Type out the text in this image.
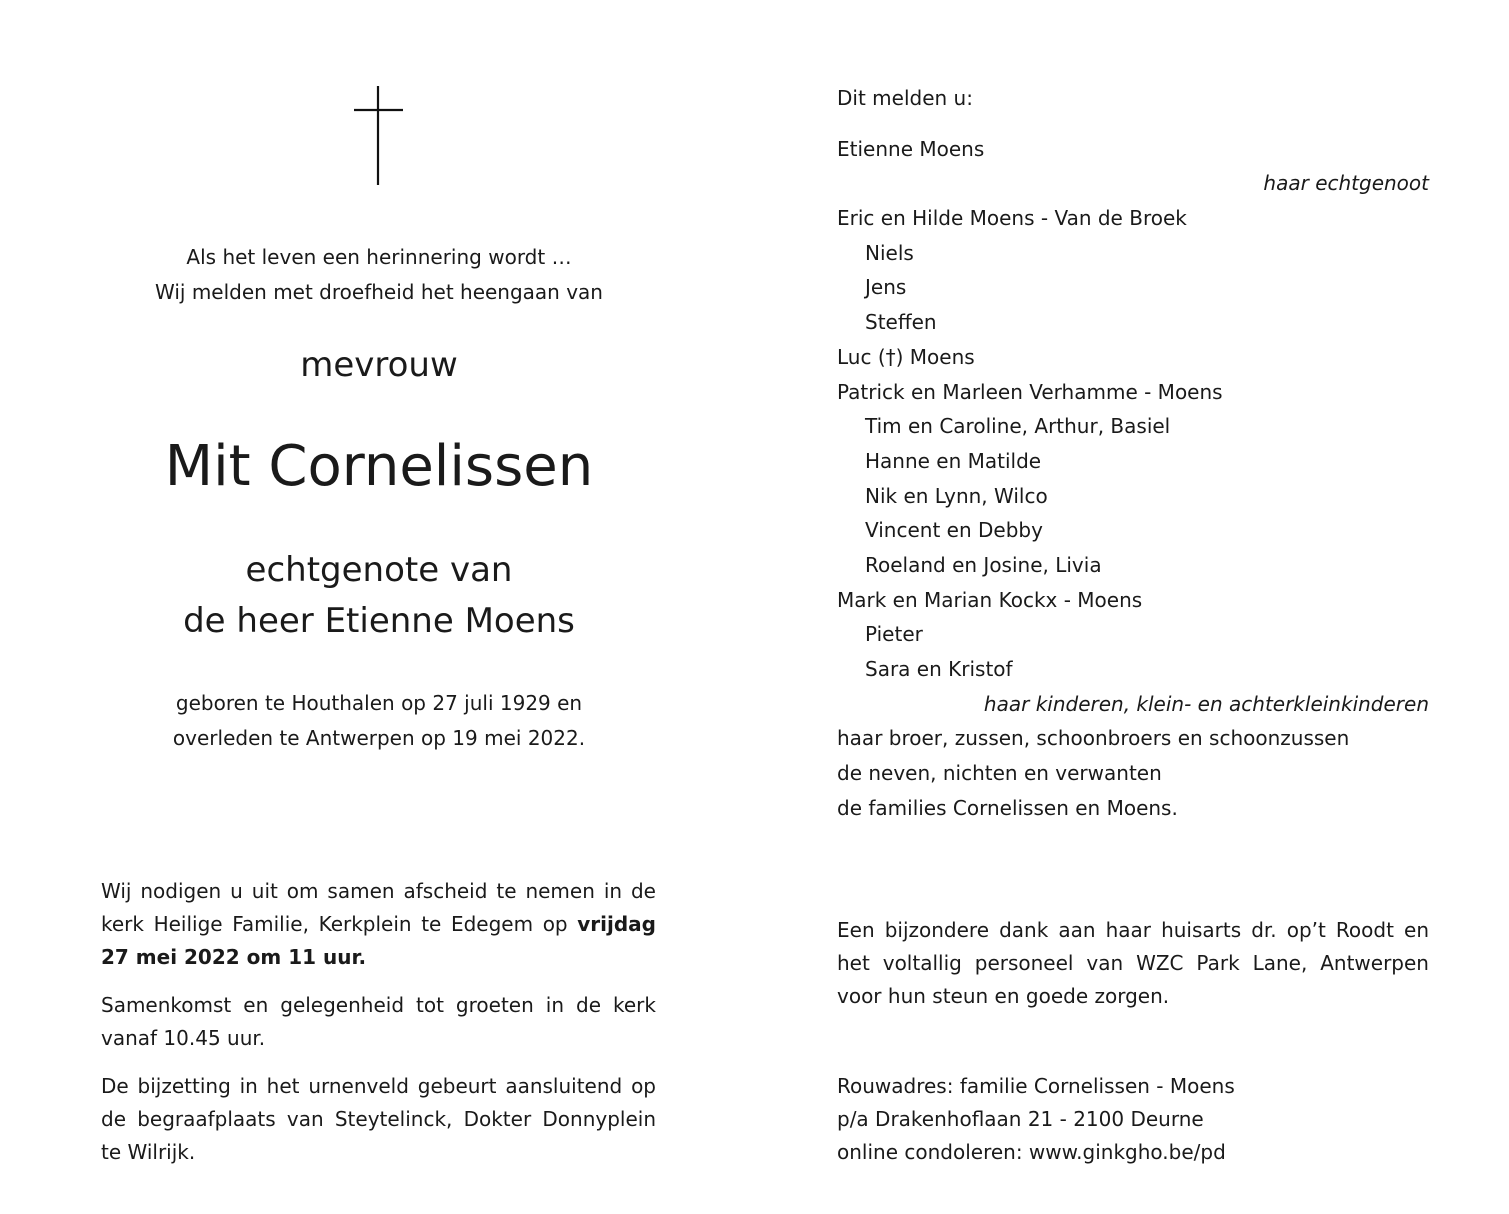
Als het leven een herinnering wordt …
Wij melden met droefheid het heengaan van
mevrouw
Mit Cornelissen
echtgenote van
de heer Etienne Moens
geboren te Houthalen op 27 juli 1929 en
overleden te Antwerpen op 19 mei 2022.
Wij nodigen u uit om samen afscheid te nemen in de kerk Heilige Familie, Kerkplein te Edegem op vrijdag 27 mei 2022 om 11 uur.
Samenkomst en gelegenheid tot groeten in de kerk vanaf 10.45 uur.
De bijzetting in het urnenveld gebeurt aansluitend op de begraafplaats van Steytelinck, Dokter Donnyplein te Wilrijk.
Dit melden u:
Etienne Moens
haar echtgenoot
Eric en Hilde Moens - Van de Broek
Niels
Jens
Steffen
Luc (†) Moens
Patrick en Marleen Verhamme - Moens
Tim en Caroline, Arthur, Basiel
Hanne en Matilde
Nik en Lynn, Wilco
Vincent en Debby
Roeland en Josine, Livia
Mark en Marian Kockx - Moens
Pieter
Sara en Kristof
haar kinderen, klein- en achterkleinkinderen
haar broer, zussen, schoonbroers en schoonzussen
de neven, nichten en verwanten
de families Cornelissen en Moens.
Een bijzondere dank aan haar huisarts dr. op’t Roodt en het voltallig personeel van WZC Park Lane, Antwerpen voor hun steun en goede zorgen.
Rouwadres: familie Cornelissen - Moens
p/a Drakenhoflaan 21 - 2100 Deurne
online condoleren: www.ginkgho.be/pd
